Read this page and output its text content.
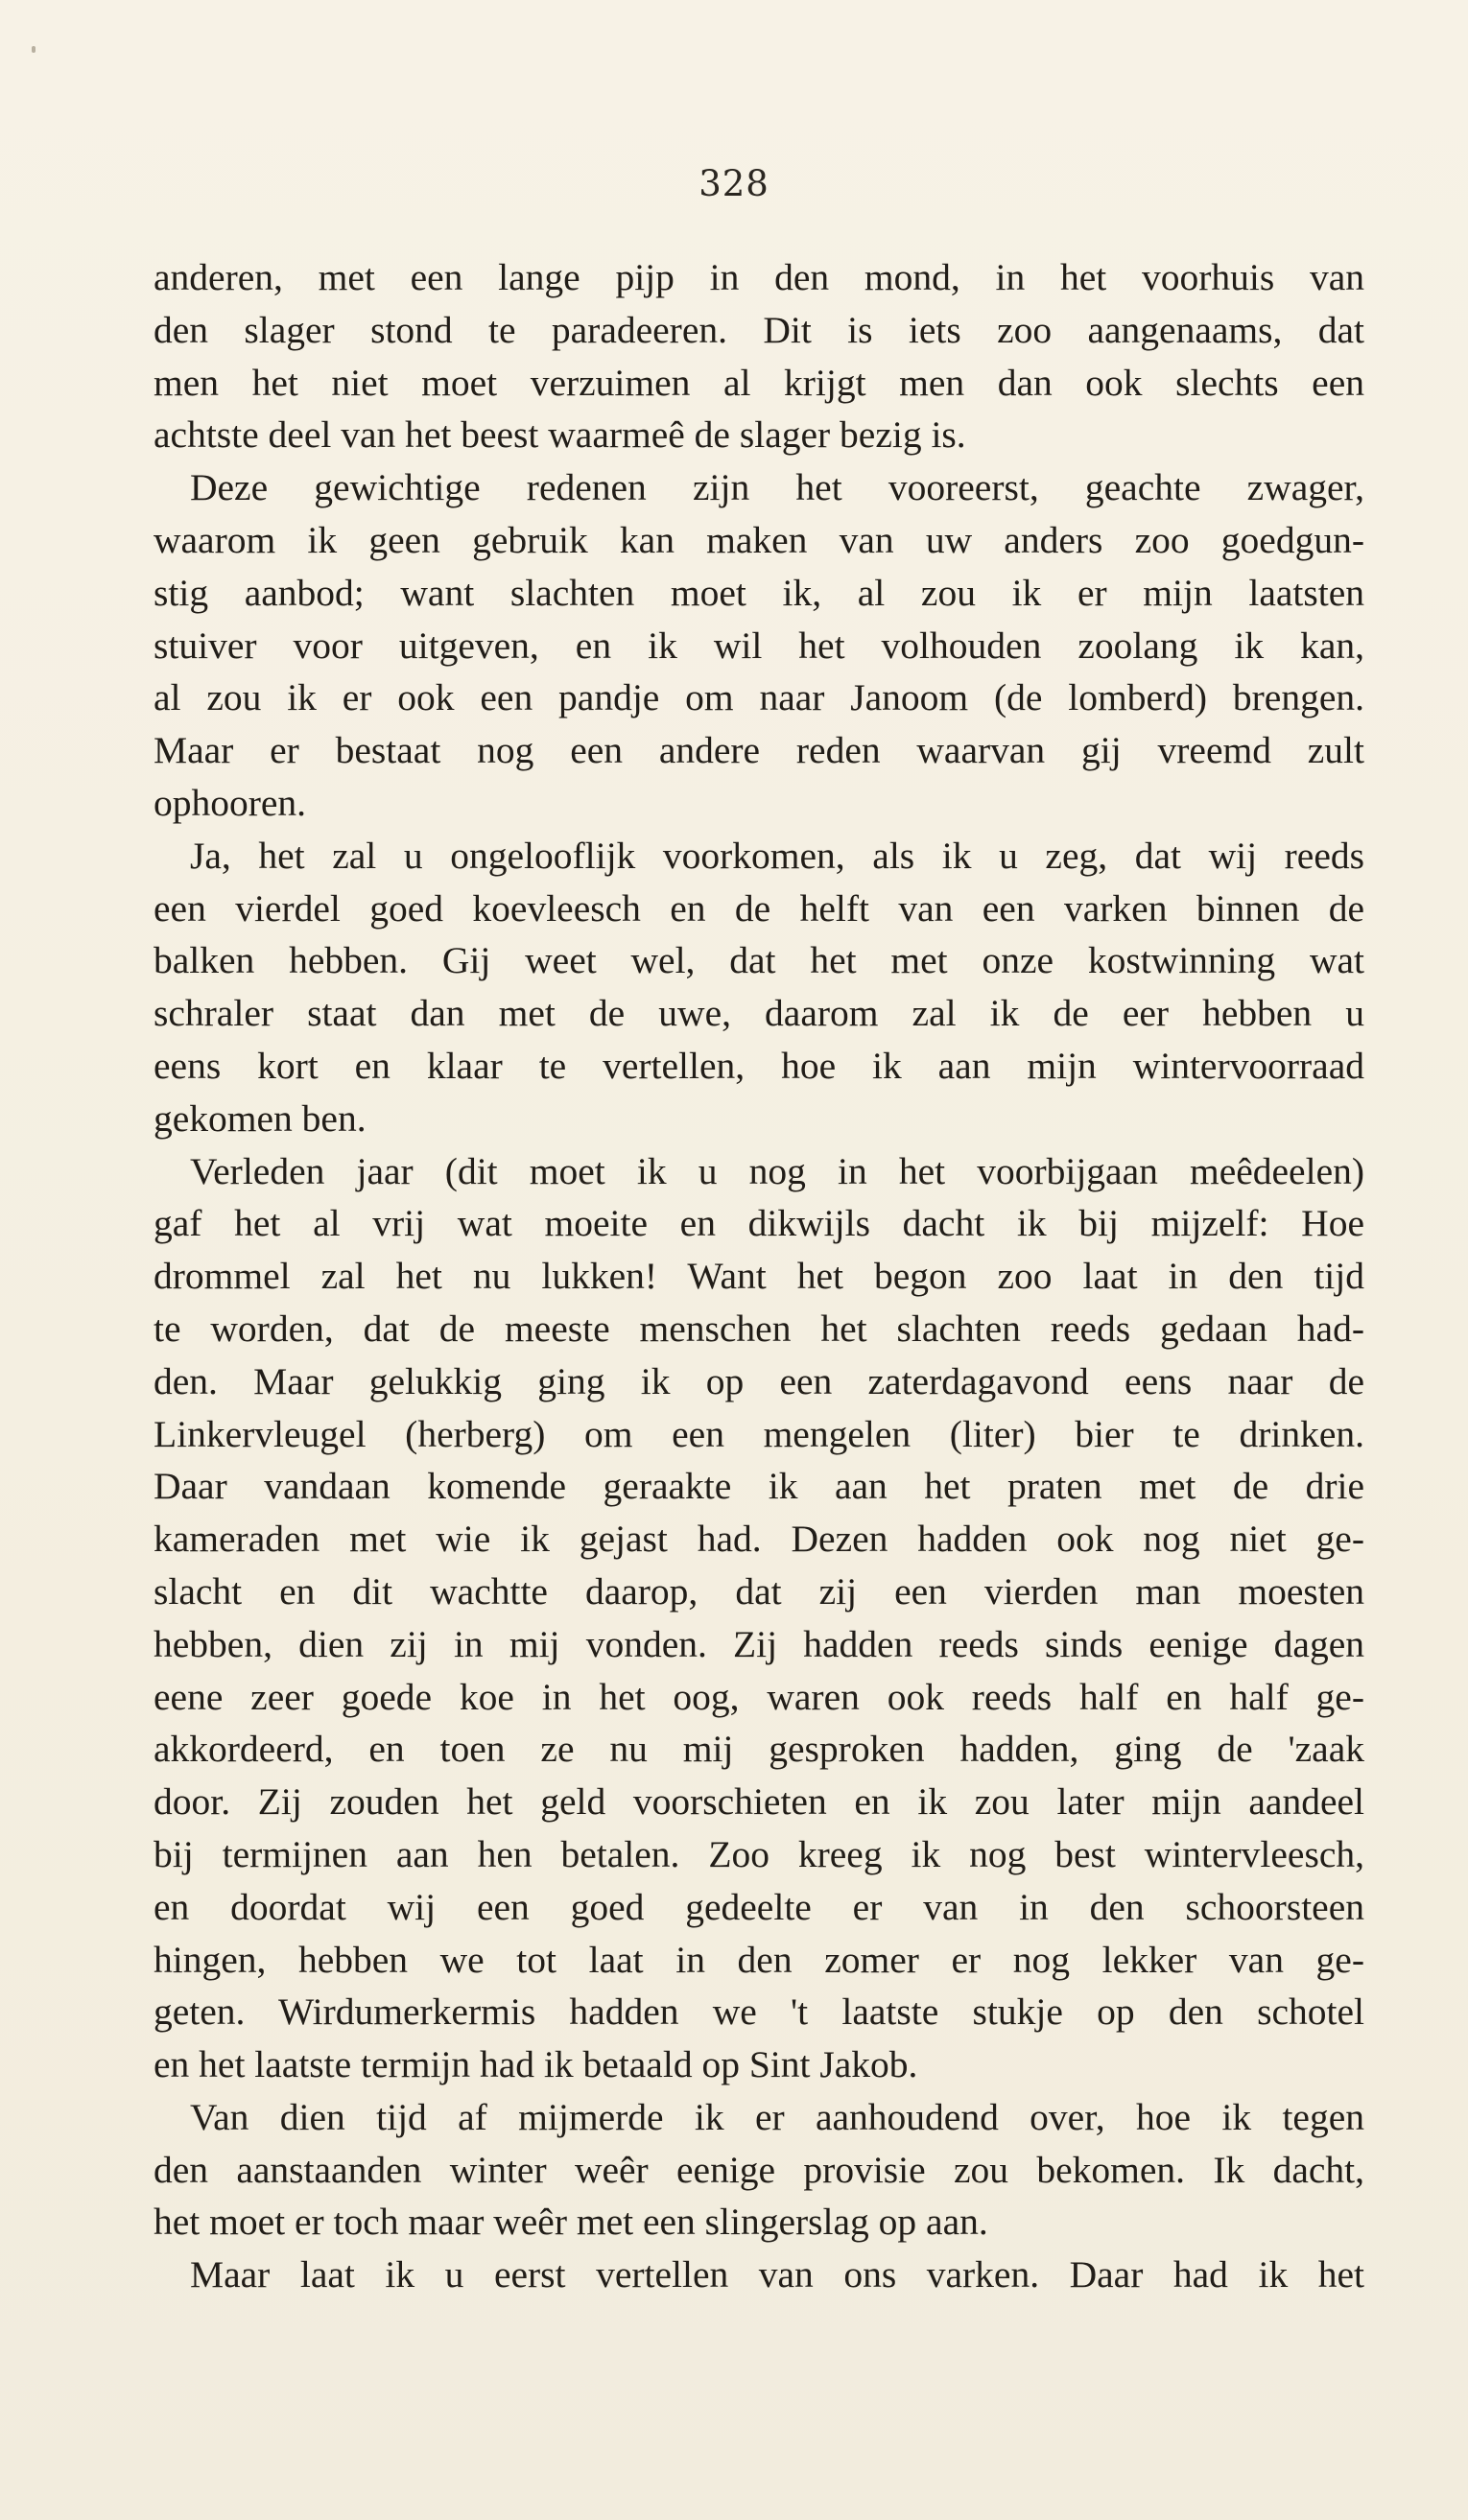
328
anderen, met een lange pijp in den mond, in het voorhuis van
den slager stond te paradeeren. Dit is iets zoo aangenaams, dat
men het niet moet verzuimen al krijgt men dan ook slechts een
achtste deel van het beest waarmeê de slager bezig is.
Deze gewichtige redenen zijn het vooreerst, geachte zwager,
waarom ik geen gebruik kan maken van uw anders zoo goedgun-
stig aanbod; want slachten moet ik, al zou ik er mijn laatsten
stuiver voor uitgeven, en ik wil het volhouden zoolang ik kan,
al zou ik er ook een pandje om naar Janoom (de lomberd) brengen.
Maar er bestaat nog een andere reden waarvan gij vreemd zult
ophooren.
Ja, het zal u ongelooflijk voorkomen, als ik u zeg, dat wij reeds
een vierdel goed koevleesch en de helft van een varken binnen de
balken hebben. Gij weet wel, dat het met onze kostwinning wat
schraler staat dan met de uwe, daarom zal ik de eer hebben u
eens kort en klaar te vertellen, hoe ik aan mijn wintervoorraad
gekomen ben.
Verleden jaar (dit moet ik u nog in het voorbijgaan meêdeelen)
gaf het al vrij wat moeite en dikwijls dacht ik bij mijzelf: Hoe
drommel zal het nu lukken! Want het begon zoo laat in den tijd
te worden, dat de meeste menschen het slachten reeds gedaan had-
den. Maar gelukkig ging ik op een zaterdagavond eens naar de
Linkervleugel (herberg) om een mengelen (liter) bier te drinken.
Daar vandaan komende geraakte ik aan het praten met de drie
kameraden met wie ik gejast had. Dezen hadden ook nog niet ge-
slacht en dit wachtte daarop, dat zij een vierden man moesten
hebben, dien zij in mij vonden. Zij hadden reeds sinds eenige dagen
eene zeer goede koe in het oog, waren ook reeds half en half ge-
akkordeerd, en toen ze nu mij gesproken hadden, ging de 'zaak
door. Zij zouden het geld voorschieten en ik zou later mijn aandeel
bij termijnen aan hen betalen. Zoo kreeg ik nog best wintervleesch,
en doordat wij een goed gedeelte er van in den schoorsteen
hingen, hebben we tot laat in den zomer er nog lekker van ge-
geten. Wirdumerkermis hadden we 't laatste stukje op den schotel
en het laatste termijn had ik betaald op Sint Jakob.
Van dien tijd af mijmerde ik er aanhoudend over, hoe ik tegen
den aanstaanden winter weêr eenige provisie zou bekomen. Ik dacht,
het moet er toch maar weêr met een slingerslag op aan.
Maar laat ik u eerst vertellen van ons varken. Daar had ik het
